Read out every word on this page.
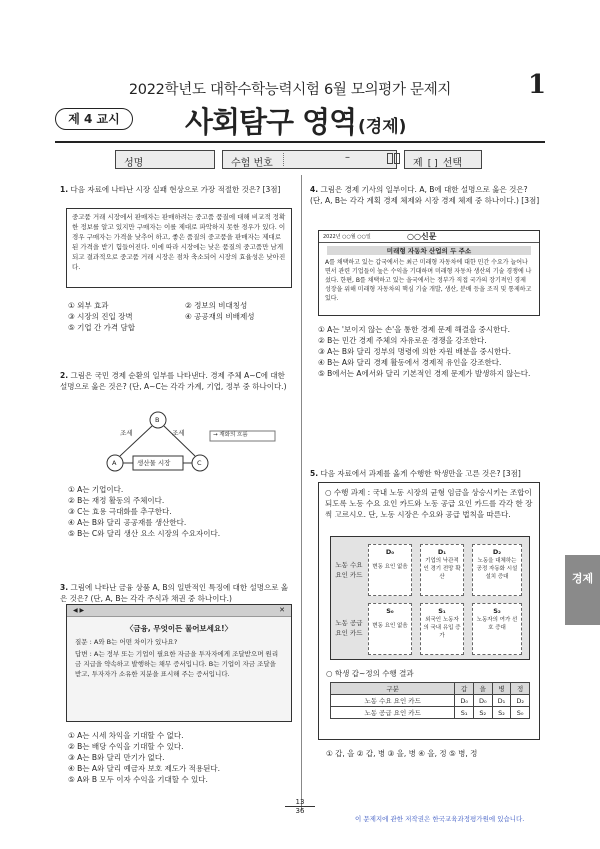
2022학년도 대학수학능력시험 6월 모의평가 문제지	1
제 4 교시	사회탐구 영역 (경제)
성명	수험 번호
–
제 [ ] 선택

1. 다음 자료에 나타난 시장 실패 현상으로 가장 적절한 것은? [3점]

중고품 거래 시장에서 판매자는 판매하려는 중고품 품질에 대해 비교적 정확한 정보를 알고 있지만 구매자는 이를 제대로 파악하지 못한 경우가 있다. 이 경우 구매자는 가격을 낮추어 하고, 좋은 품질의 중고품을 판매자는 제대로 된 가격을 받기 힘들어진다. 이에 따라 시장에는 낮은 품질의 중고품만 남게 되고 결과적으로 중고품 거래 시장은 점차 축소되어 시장의 효율성은 낮아진다.
① 외부 효과	② 정보의 비대칭성
③ 시장의 진입 장벽	④ 공공재의 비배제성
⑤ 기업 간 가격 담합

2. 그림은 국민 경제 순환의 일부를 나타낸다. 경제 주체 A~C에 대한 설명으로 옳은 것은? (단, A~C는 각각 가계, 기업, 정부 중 하나이다.)

B
A	C
생산물 시장
조세	조세	→ 재화의 흐름
① A는 기업이다.
② B는 재정 활동의 주체이다.
③ C는 효용 극대화를 추구한다.
④ A는 B와 달리 공공재를 생산한다.
⑤ B는 C와 달리 생산 요소 시장의 수요자이다.

3. 그림에 나타난 금융 상품 A, B의 일반적인 특징에 대한 설명으로 옳은 것은? (단, A, B는 각각 주식과 채권 중 하나이다.)

◀ ▶	✕
〈금융, 무엇이든 물어보세요!〉
질문 : A와 B는 어떤 차이가 있나요?
답변 : A는 정부 또는 기업이 필요한 자금을 투자자에게 조달받으며 원리금 지급을 약속하고 발행하는 채무 증서입니다. B는 기업이 자금 조달을 받고, 투자자가 소유한 지분을 표시해 주는 증서입니다.
① A는 시세 차익을 기대할 수 없다.
② B는 배당 수익을 기대할 수 있다.
③ A는 B와 달리 만기가 없다.
④ B는 A와 달리 예금자 보호 제도가 적용된다.
⑤ A와 B 모두 이자 수익을 기대할 수 있다.

4. 그림은 경제 기사의 일부이다. A, B에 대한 설명으로 옳은 것은? (단, A, B는 각각 계획 경제 체제와 시장 경제 체제 중 하나이다.) [3점]

2022년 ○○월 ○○일	○○신문
미래형 자동차 산업의 두 주소
A를 채택하고 있는 갑국에서는 최근 미래형 자동차에 대한 민간 수요가 늘어나면서 관련 기업들이 높은 수익을 기대하며 미래형 자동차 생산의 기술 경쟁에 나섰다. 한편, B를 채택하고 있는 을국에서는 정부가 직접 국가의 장기적인 경제 성장을 위해 미래형 자동차의 핵심 기술 개발, 생산, 분배 등을 조직 및 통제하고 있다.
① A는 '보이지 않는 손'을 통한 경제 문제 해결을 중시한다.
② B는 민간 경제 주체의 자유로운 경쟁을 강조한다.
③ A는 B와 달리 정부의 명령에 의한 자원 배분을 중시한다.
④ B는 A와 달리 경제 활동에서 경제적 유인을 강조한다.
⑤ B에서는 A에서와 달리 기본적인 경제 문제가 발생하지 않는다.

5. 다음 자료에서 과제를 옳게 수행한 학생만을 고른 것은? [3점]

○ 수행 과제 : 국내 노동 시장의 균형 임금을 상승시키는 조합이 되도록 노동 수요 요인 카드와 노동 공급 요인 카드를 각각 한 장씩 고르시오. 단, 노동 시장은 수요와 공급 법칙을 따른다.
노동 수요 요인 카드
노동 공급 요인 카드
D₀
변동 요인 없음
D₁
기업의 낙관적인 경기 전망 확산
D₂
노동을 대체하는 공정 자동화 시설 설치 증대
S₀
변동 요인 없음
S₁
외국인 노동자의 국내 유입 증가
S₂
노동자의 여가 선호 증대
○ 학생 갑~정의 수행 결과
구분	갑	을	병	정
노동 수요 요인 카드	D₀	D₀	D₁	D₂
노동 공급 요인 카드	S₁	S₂	S₂	S₀
① 갑, 을 ② 갑, 병 ③ 을, 병 ④ 을, 정 ⑤ 병, 정
경제
13
36
이 문제지에 관한 저작권은 한국교육과정평가원에 있습니다.
